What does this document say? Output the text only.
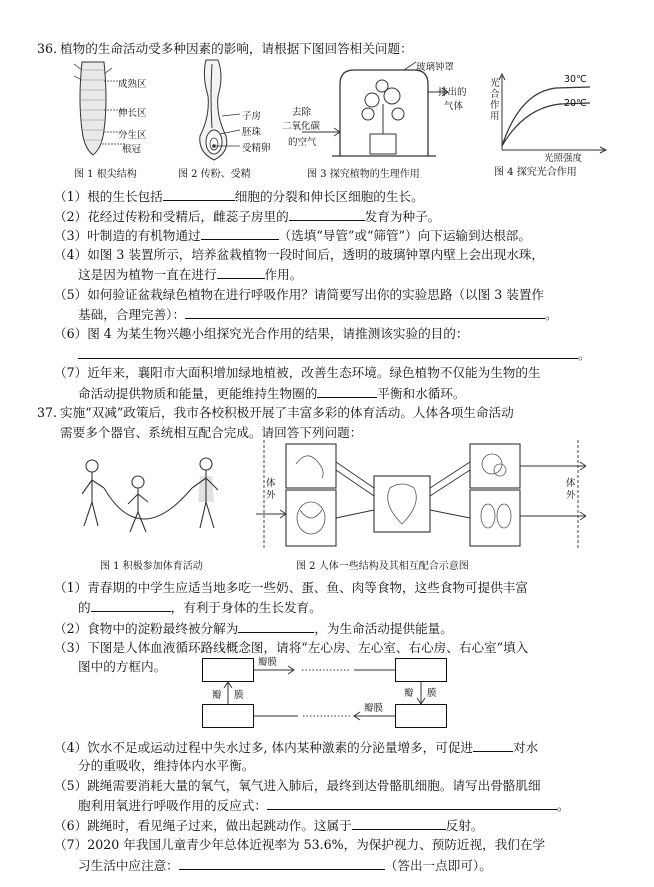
36. 植物的生命活动受多种因素的影响，请根据下图回答相关问题：
成熟区
伸长区
分生区
根冠
图 1 根尖结构
子房
胚珠
受精卵
图 2 传粉、受精
玻璃钟罩
排出的
气体
去除
二氧化碳
的空气
图 3 探究植物的生理作用
光
合
作
用
30℃
20℃
光照强度
图 4 探究光合作用
（1）根的生长包括	细胞的分裂和伸长区细胞的生长。
（2）花经过传粉和受精后，雌蕊子房里的	发育为种子。
（3）叶制造的有机物通过	（选填“导管”或“筛管”）向下运输到达根部。
（4）如图 3 装置所示，培养盆栽植物一段时间后，透明的玻璃钟罩内壁上会出现水珠，
这是因为植物一直在进行	作用。
（5）如何验证盆栽绿色植物在进行呼吸作用？请简要写出你的实验思路（以图 3 装置作
基础，合理完善）：	。
（6）图 4 为某生物兴趣小组探究光合作用的结果，请推测该实验的目的：
。
（7）近年来，襄阳市大面积增加绿地植被，改善生态环境。绿色植物不仅能为生物的生
命活动提供物质和能量，更能维持生物圈的	平衡和水循环。
37. 实施“双减”政策后，我市各校积极开展了丰富多彩的体育活动。人体各项生命活动
需要多个器官、系统相互配合完成。请回答下列问题：
图 1 积极参加体育活动
体
外
体
外
图 2 人体一些结构及其相互配合示意图
（1）青春期的中学生应适当地多吃一些奶、蛋、鱼、肉等食物，这些食物可提供丰富
的	，有利于身体的生长发育。
（2）食物中的淀粉最终被分解为	，为生命活动提供能量。
（3）下图是人体血液循环路线概念图，请将“左心房、左心室、右心房、右心室”填入
图中的方框内。	瓣膜
瓣膜
瓣 膜	瓣 膜
（4）饮水不足或运动过程中失水过多, 体内某种激素的分泌量增多，可促进	对水
分的重吸收，维持体内水平衡。
（5）跳绳需要消耗大量的氧气，氧气进入肺后，最终到达骨骼肌细胞。请写出骨骼肌细
胞利用氧进行呼吸作用的反应式：	。
（6）跳绳时，看见绳子过来，做出起跳动作。这属于	反射。
（7）2020 年我国儿童青少年总体近视率为 53.6%，为保护视力、预防近视，我们在学
习生活中应注意：	（答出一点即可）。
